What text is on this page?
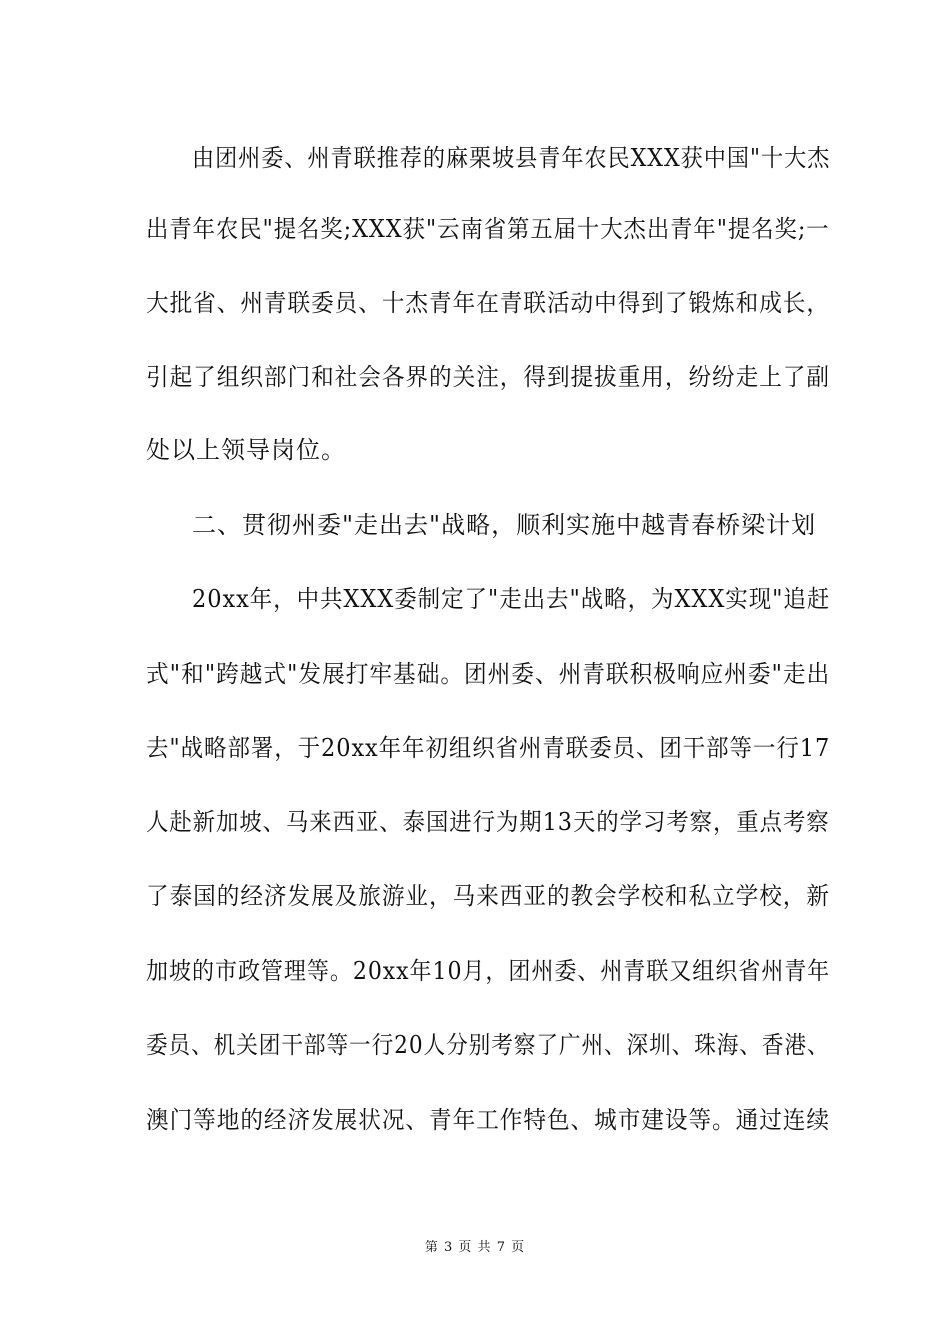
由团州委、州青联推荐的麻栗坡县青年农民XXX获中国"十大杰
出青年农民"提名奖;XXX获"云南省第五届十大杰出青年"提名奖;一
大批省、州青联委员、十杰青年在青联活动中得到了锻炼和成长，
引起了组织部门和社会各界的关注，得到提拔重用，纷纷走上了副
处以上领导岗位。
二、贯彻州委"走出去"战略，顺利实施中越青春桥梁计划
20xx年，中共XXX委制定了"走出去"战略，为XXX实现"追赶
式"和"跨越式"发展打牢基础。团州委、州青联积极响应州委"走出
去"战略部署，于20xx年年初组织省州青联委员、团干部等一行17
人赴新加坡、马来西亚、泰国进行为期13天的学习考察，重点考察
了泰国的经济发展及旅游业，马来西亚的教会学校和私立学校，新
加坡的市政管理等。20xx年10月，团州委、州青联又组织省州青年
委员、机关团干部等一行20人分别考察了广州、深圳、珠海、香港、
澳门等地的经济发展状况、青年工作特色、城市建设等。通过连续
第 3 页 共 7 页
